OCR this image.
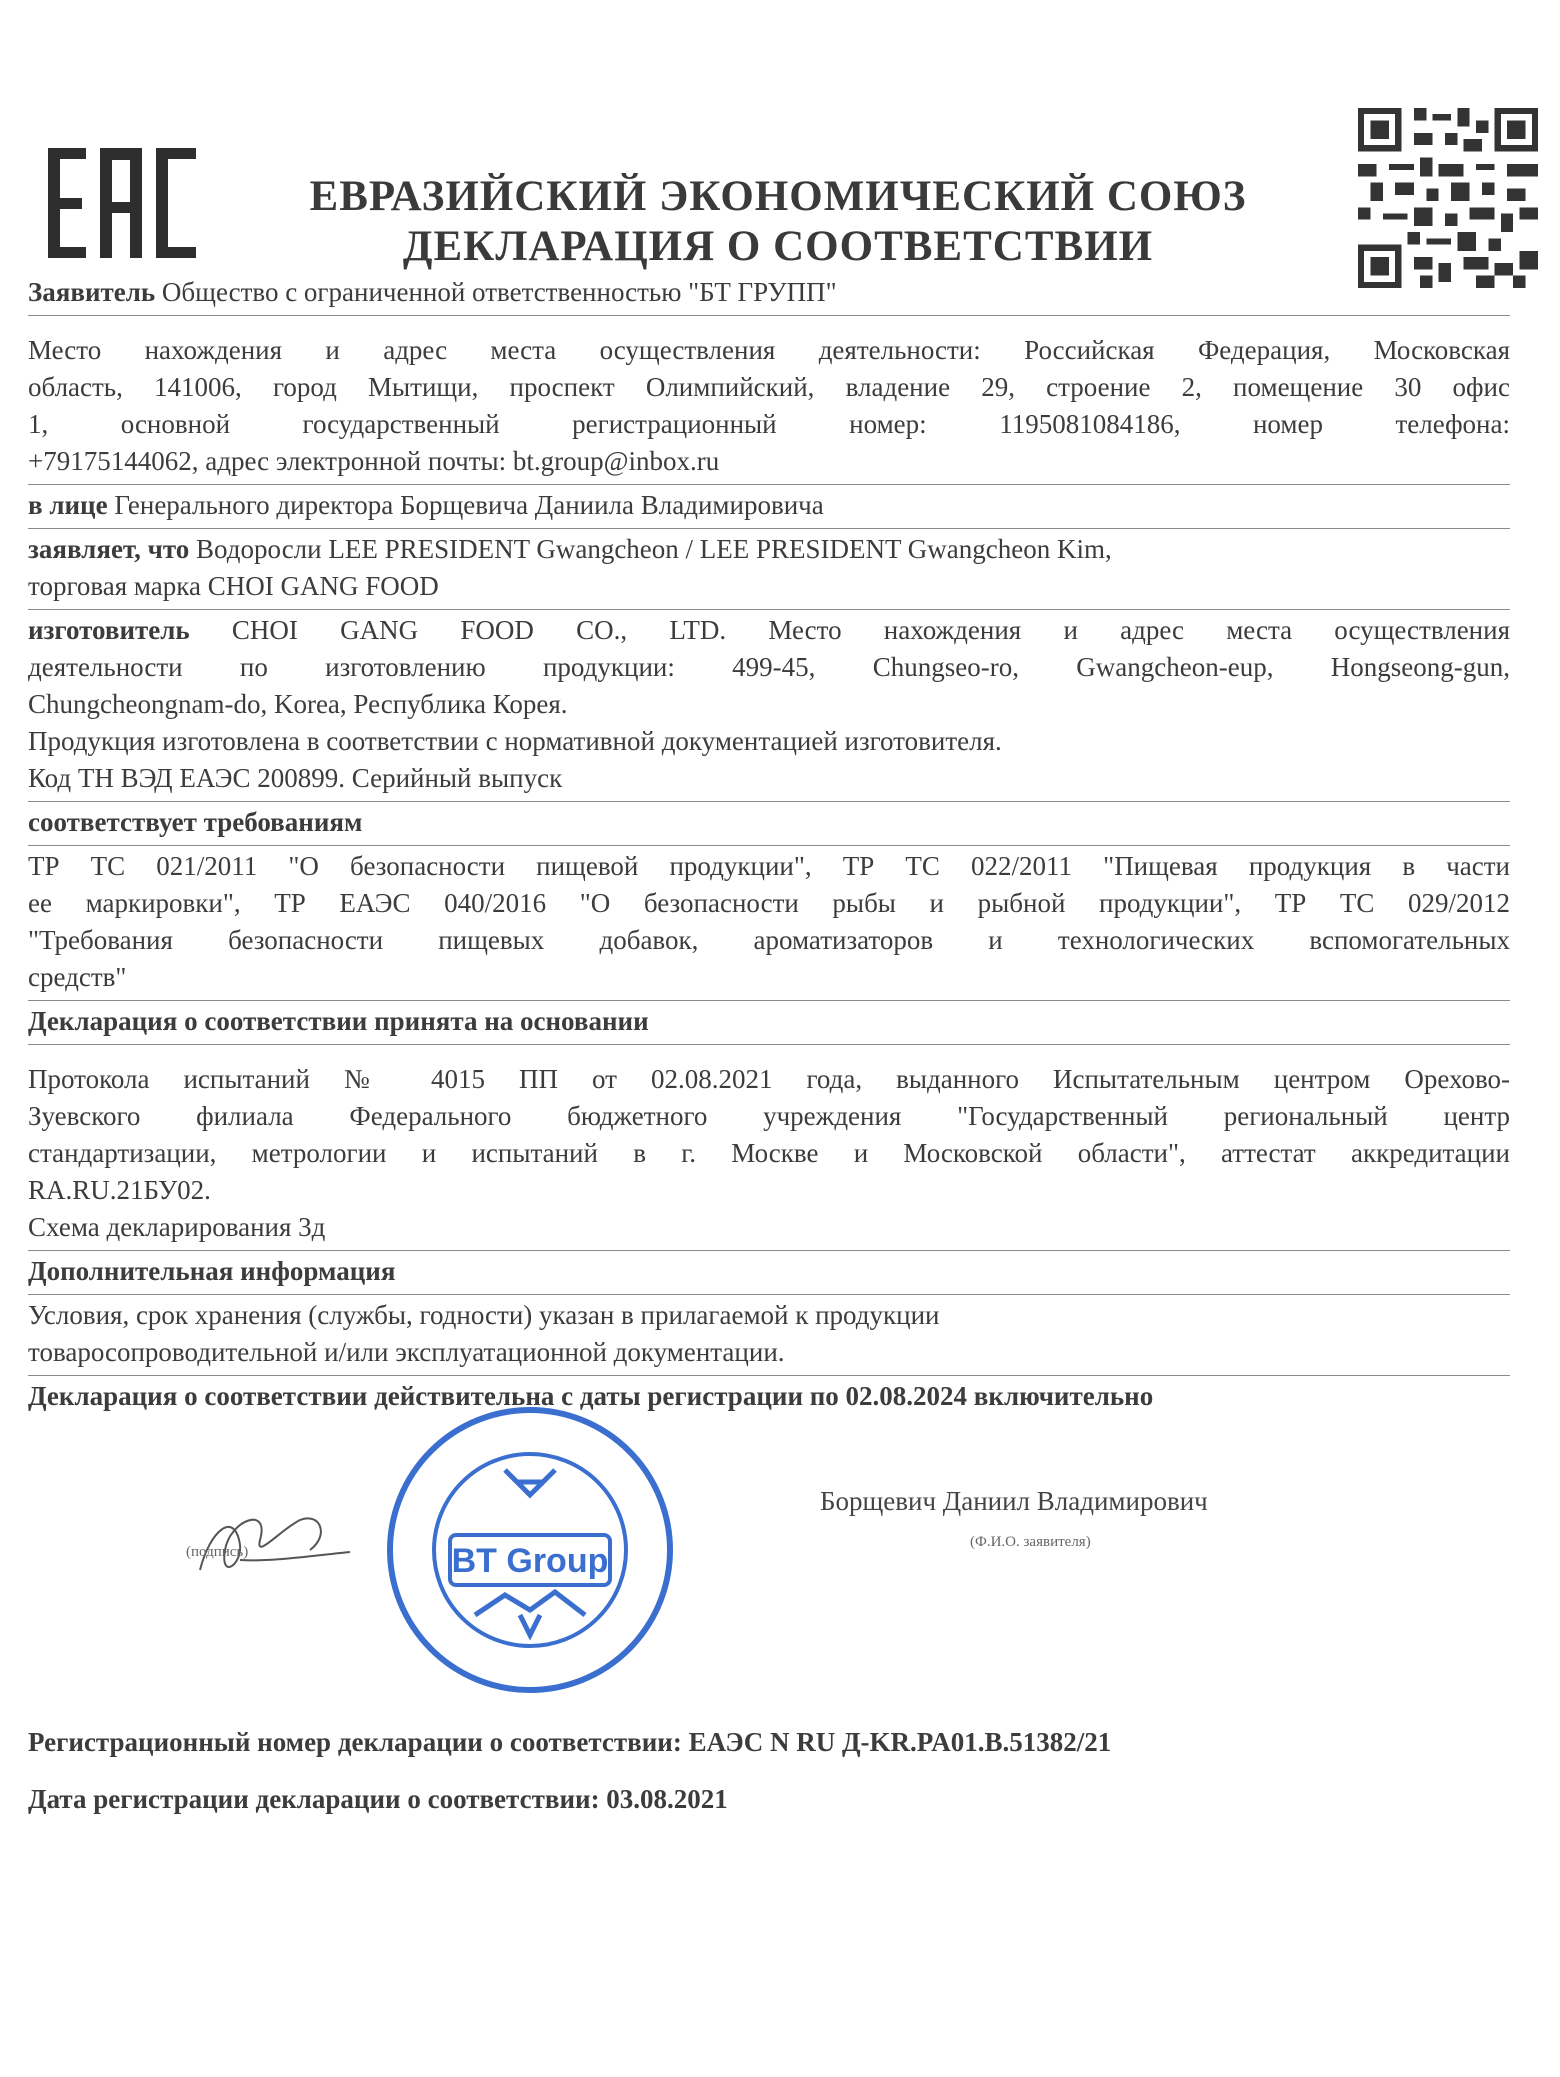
ЕВРАЗИЙСКИЙ ЭКОНОМИЧЕСКИЙ СОЮЗ
ДЕКЛАРАЦИЯ О СООТВЕТСТВИИ
Заявитель Общество с ограниченной ответственностью "БТ ГРУПП"
Место нахождения и адрес места осуществления деятельности: Российская Федерация, Московская
область, 141006, город Мытищи, проспект Олимпийский, владение 29, строение 2, помещение 30 офис
1, основной государственный регистрационный номер: 1195081084186, номер телефона:
+79175144062, адрес электронной почты: bt.group@inbox.ru
в лице Генерального директора Борщевича Даниила Владимировича
заявляет, что Водоросли LEE PRESIDENT Gwangcheon / LEE PRESIDENT Gwangcheon Kim,
торговая марка CHOI GANG FOOD
изготовитель CHOI GANG FOOD CO., LTD. Место нахождения и адрес места осуществления
деятельности по изготовлению продукции: 499-45, Chungseo-ro, Gwangcheon-eup, Hongseong-gun,
Chungcheongnam-do, Korea, Республика Корея.
Продукция изготовлена в соответствии с нормативной документацией изготовителя.
Код ТН ВЭД ЕАЭС 200899. Серийный выпуск
соответствует требованиям
ТР ТС 021/2011 "О безопасности пищевой продукции", ТР ТС 022/2011 "Пищевая продукция в части
ее маркировки", ТР ЕАЭС 040/2016 "О безопасности рыбы и рыбной продукции", ТР ТС 029/2012
"Требования безопасности пищевых добавок, ароматизаторов и технологических вспомогательных
средств"
Декларация о соответствии принята на основании
Протокола испытаний № 4015 ПП от 02.08.2021 года, выданного Испытательным центром Орехово-
Зуевского филиала Федерального бюджетного учреждения "Государственный региональный центр
стандартизации, метрологии и испытаний в г. Москве и Московской области", аттестат аккредитации
RA.RU.21БУ02.
Схема декларирования 3д
Дополнительная информация
Условия, срок хранения (службы, годности) указан в прилагаемой к продукции
товаросопроводительной и/или эксплуатационной документации.
Декларация о соответствии действительна с даты регистрации по 02.08.2024 включительно
(подпись)	BT Group
Борщевич Даниил Владимирович
(Ф.И.О. заявителя)
Регистрационный номер декларации о соответствии: ЕАЭС N RU Д-KR.PA01.B.51382/21
Дата регистрации декларации о соответствии: 03.08.2021
